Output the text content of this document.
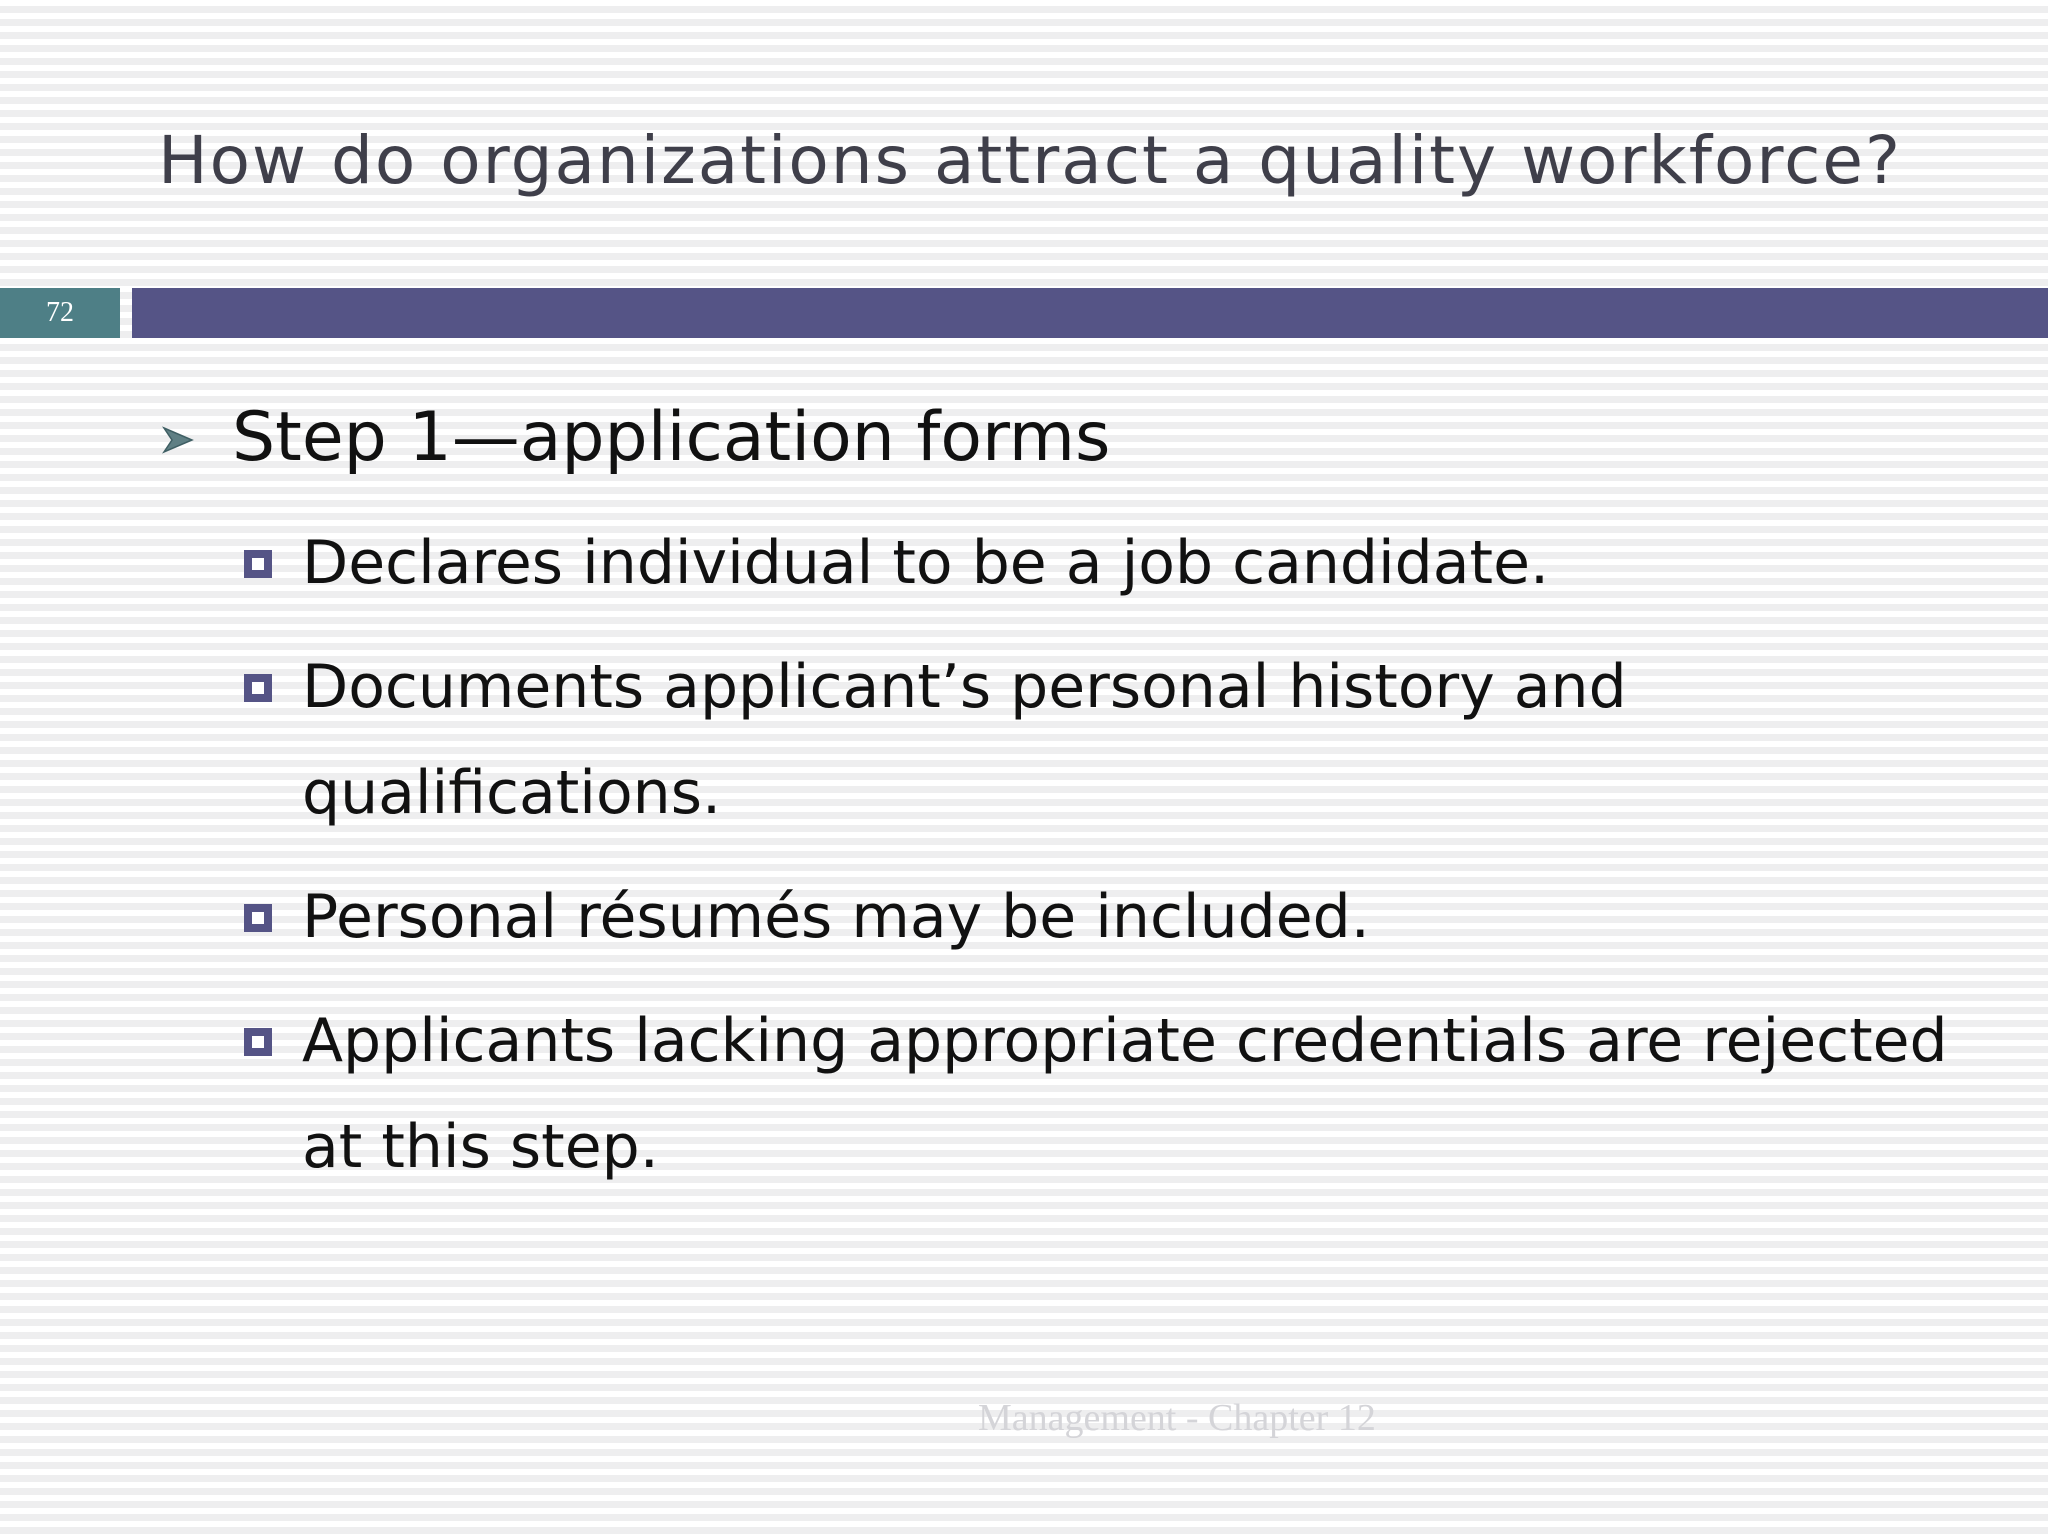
How do organizations attract a quality workforce?
72
Step 1—application forms
Declares individual to be a job candidate.
Documents applicant’s personal history and
qualifications.
Personal résumés may be included.
Applicants lacking appropriate credentials are rejected
at this step.
Management - Chapter 12
